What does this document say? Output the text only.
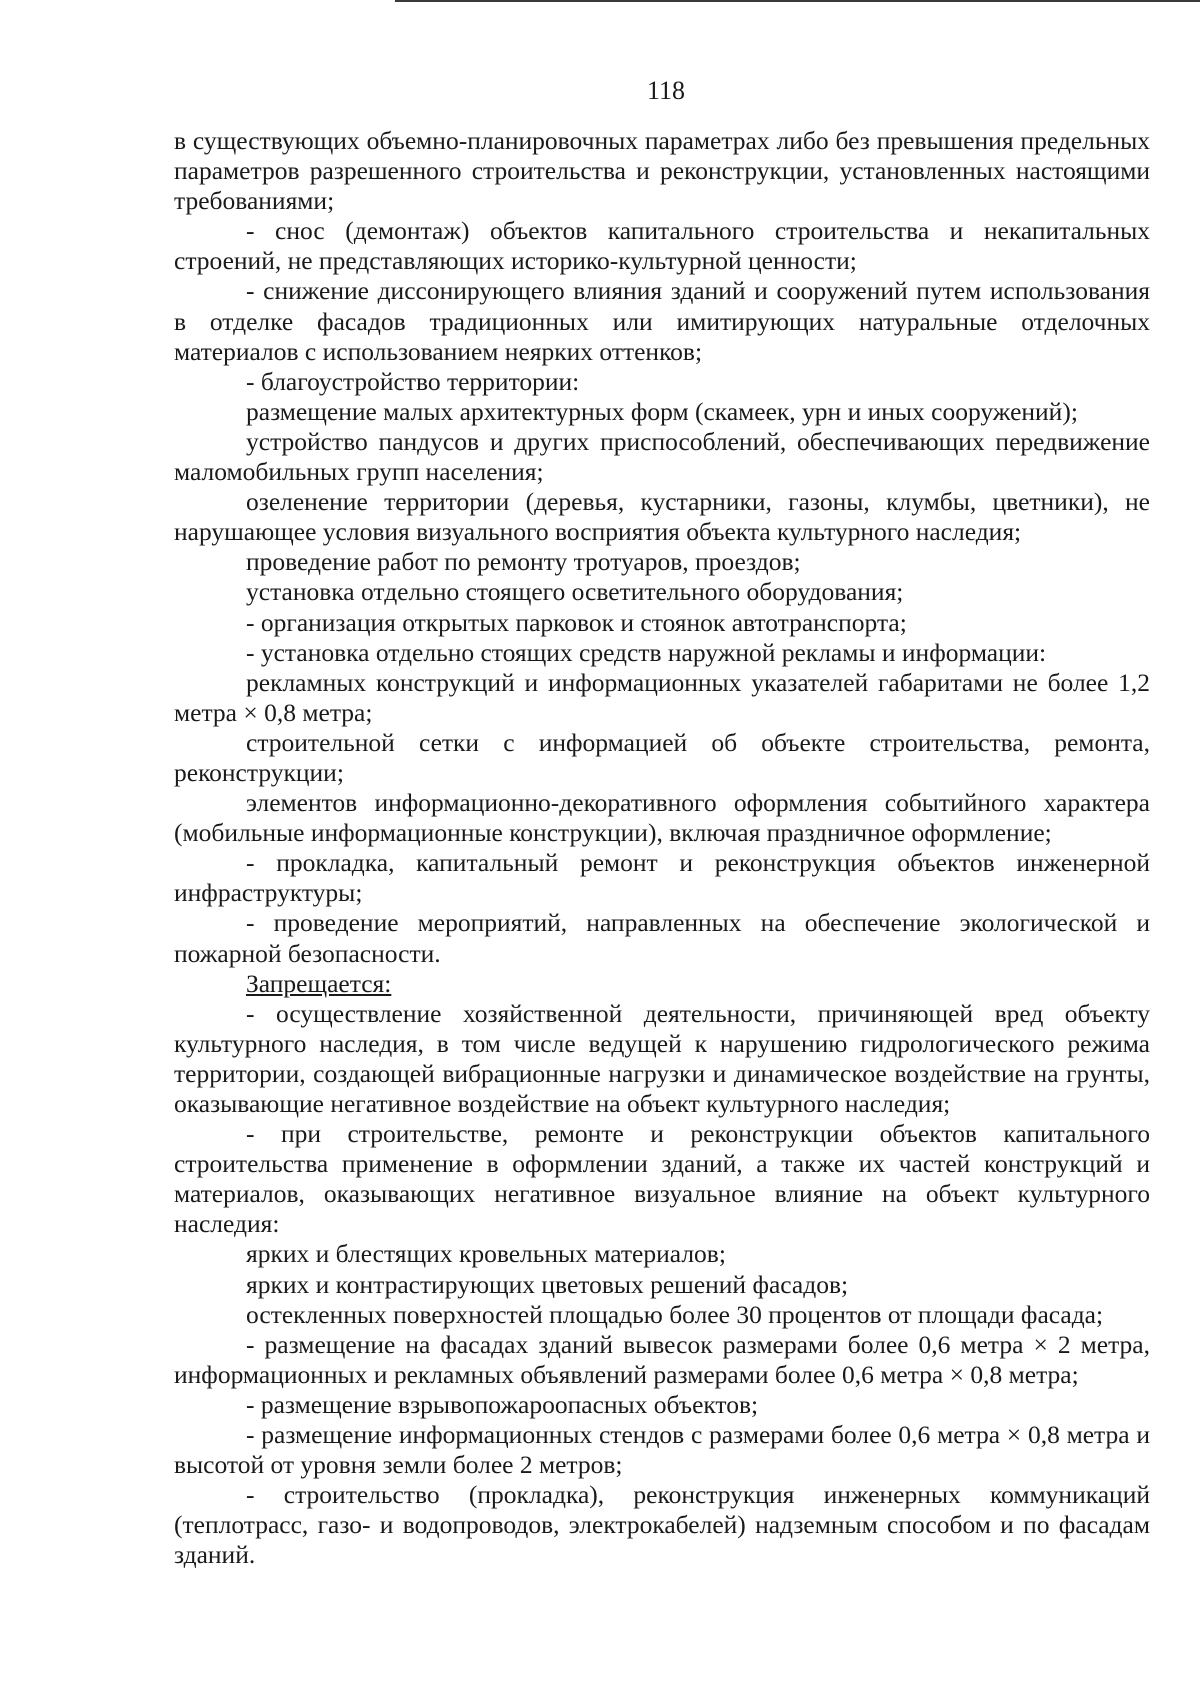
118

в существующих объемно-планировочных параметрах либо без превышения предельных параметров разрешенного строительства и реконструкции, установленных настоящими требованиями;

- снос (демонтаж) объектов капитального строительства и некапитальных строений, не представляющих историко-культурной ценности;

- снижение диссонирующего влияния зданий и сооружений путем использования в отделке фасадов традиционных или имитирующих натуральные отделочных материалов с использованием неярких оттенков;

- благоустройство территории:

размещение малых архитектурных форм (скамеек, урн и иных сооружений);

устройство пандусов и других приспособлений, обеспечивающих передвижение маломобильных групп населения;

озеленение территории (деревья, кустарники, газоны, клумбы, цветники), не нарушающее условия визуального восприятия объекта культурного наследия;

проведение работ по ремонту тротуаров, проездов;

установка отдельно стоящего осветительного оборудования;

- организация открытых парковок и стоянок автотранспорта;

- установка отдельно стоящих средств наружной рекламы и информации:

рекламных конструкций и информационных указателей габаритами не более 1,2 метра × 0,8 метра;

строительной сетки с информацией об объекте строительства, ремонта, реконструкции;

элементов информационно-декоративного оформления событийного характера (мобильные информационные конструкции), включая праздничное оформление;

- прокладка, капитальный ремонт и реконструкция объектов инженерной инфраструктуры;

- проведение мероприятий, направленных на обеспечение экологической и пожарной безопасности.

Запрещается:

- осуществление хозяйственной деятельности, причиняющей вред объекту культурного наследия, в том числе ведущей к нарушению гидрологического режима территории, создающей вибрационные нагрузки и динамическое воздействие на грунты, оказывающие негативное воздействие на объект культурного наследия;

- при строительстве, ремонте и реконструкции объектов капитального строительства применение в оформлении зданий, а также их частей конструкций и материалов, оказывающих негативное визуальное влияние на объект культурного наследия:

ярких и блестящих кровельных материалов;

ярких и контрастирующих цветовых решений фасадов;

остекленных поверхностей площадью более 30 процентов от площади фасада;

- размещение на фасадах зданий вывесок размерами более 0,6 метра × 2 метра, информационных и рекламных объявлений размерами более 0,6 метра × 0,8 метра;

- размещение взрывопожароопасных объектов;

- размещение информационных стендов с размерами более 0,6 метра × 0,8 метра и высотой от уровня земли более 2 метров;

- строительство (прокладка), реконструкция инженерных коммуникаций (теплотрасс, газо- и водопроводов, электрокабелей) надземным способом и по фасадам зданий.
